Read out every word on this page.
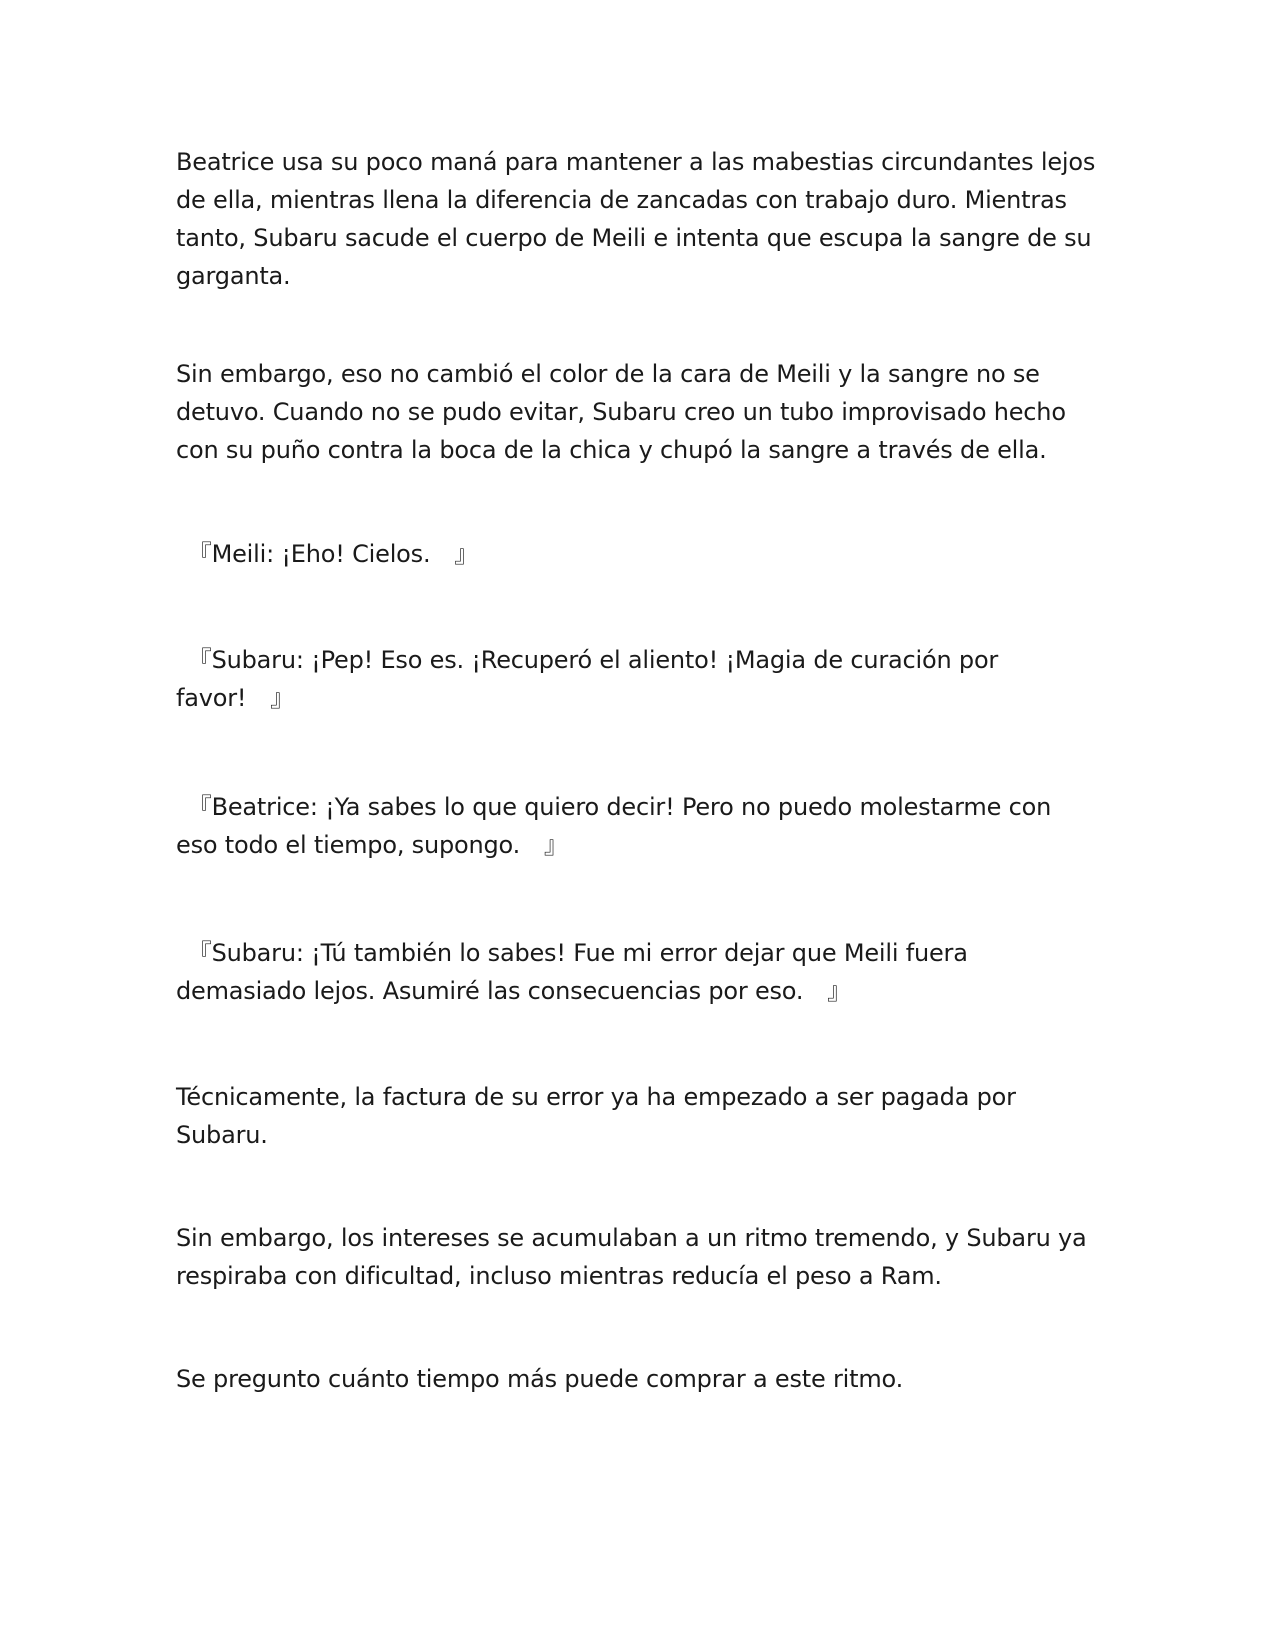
Beatrice usa su poco maná para mantener a las mabestias circundantes lejos de ella, mientras llena la diferencia de zancadas con trabajo duro. Mientras tanto, Subaru sacude el cuerpo de Meili e intenta que escupa la sangre de su garganta.

Sin embargo, eso no cambió el color de la cara de Meili y la sangre no se detuvo. Cuando no se pudo evitar, Subaru creo un tubo improvisado hecho con su puño contra la boca de la chica y chupó la sangre a través de ella.

　『Meili: ¡Eho! Cielos.　』

　『Subaru: ¡Pep! Eso es. ¡Recuperó el aliento! ¡Magia de curación por favor!　』

　『Beatrice: ¡Ya sabes lo que quiero decir! Pero no puedo molestarme con eso todo el tiempo, supongo.　』

　『Subaru: ¡Tú también lo sabes! Fue mi error dejar que Meili fuera demasiado lejos. Asumiré las consecuencias por eso.　』

Técnicamente, la factura de su error ya ha empezado a ser pagada por Subaru.

Sin embargo, los intereses se acumulaban a un ritmo tremendo, y Subaru ya respiraba con dificultad, incluso mientras reducía el peso a Ram.

Se pregunto cuánto tiempo más puede comprar a este ritmo.
